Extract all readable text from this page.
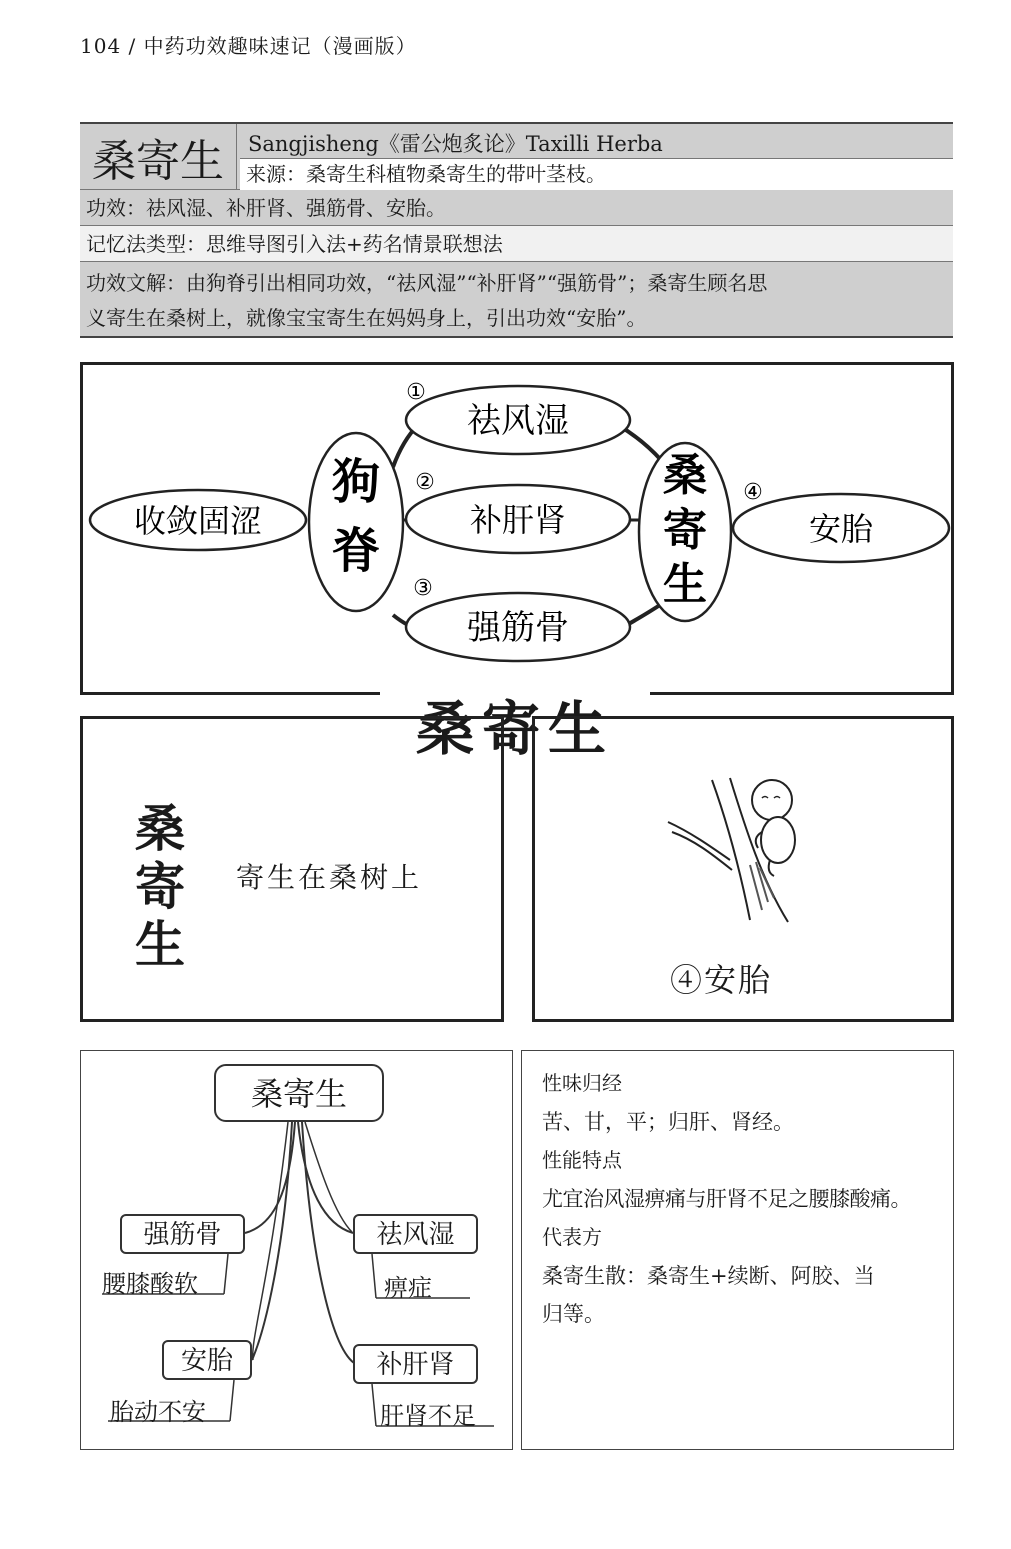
104 / 中药功效趣味速记（漫画版）
桑寄生	Sangjisheng《雷公炮炙论》Taxilli Herba
来源：桑寄生科植物桑寄生的带叶茎枝。
功效：祛风湿、补肝肾、强筋骨、安胎。
记忆法类型：思维导图引入法+药名情景联想法
功效文解：由狗脊引出相同功效，“祛风湿”“补肝肾”“强筋骨”；桑寄生顾名思
义寄生在桑树上，就像宝宝寄生在妈妈身上，引出功效“安胎”。
收敛固涩
狗
脊
祛风湿
补肝肾
强筋骨
桑
寄
生
安胎
①
②
③
④
桑寄生
桑
寄
生
寄生在桑树上
④安胎
桑寄生
强筋骨
腰膝酸软
祛风湿
痹症
安胎
胎动不安
补肝肾
肝肾不足
性味归经
苦、甘，平；归肝、肾经。
性能特点
尤宜治风湿痹痛与肝肾不足之腰膝酸痛。
代表方
桑寄生散：桑寄生+续断、阿胶、当
归等。
